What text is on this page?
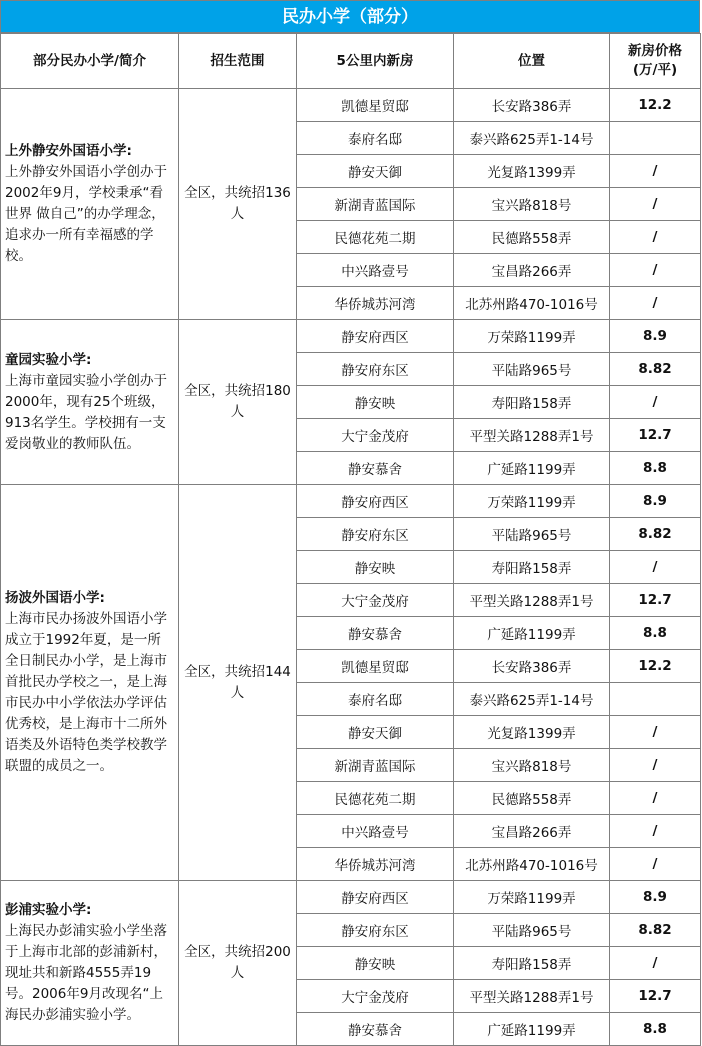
民办小学（部分）
部分民办小学/简介	招生范围	5公里内新房	位置	新房价格
(万/平)

上外静安外国语小学:
上外静安外国语小学创办于2002年9月，学校秉承“看世界 做自己”的办学理念，追求办一所有幸福感的学校。	全区，共统招136人	凯德星贸邸	长安路386弄	12.2
		泰府名邸	泰兴路625弄1-14号	
		静安天御	光复路1399弄	/
		新湖青蓝国际	宝兴路818号	/
		民德花苑二期	民德路558弄	/
		中兴路壹号	宝昌路266弄	/
		华侨城苏河湾	北苏州路470-1016号	/

童园实验小学:
上海市童园实验小学创办于2000年，现有25个班级，913名学生。学校拥有一支爱岗敬业的教师队伍。	全区，共统招180人	静安府西区	万荣路1199弄	8.9
		静安府东区	平陆路965号	8.82
		静安映	寿阳路158弄	/
		大宁金茂府	平型关路1288弄1号	12.7
		静安慕舍	广延路1199弄	8.8

扬波外国语小学:
上海市民办扬波外国语小学成立于1992年夏，是一所全日制民办小学，是上海市首批民办学校之一，是上海市民办中小学依法办学评估优秀校，是上海市十二所外语类及外语特色类学校教学联盟的成员之一。	全区，共统招144人	静安府西区	万荣路1199弄	8.9
		静安府东区	平陆路965号	8.82
		静安映	寿阳路158弄	/
		大宁金茂府	平型关路1288弄1号	12.7
		静安慕舍	广延路1199弄	8.8
		凯德星贸邸	长安路386弄	12.2
		泰府名邸	泰兴路625弄1-14号	
		静安天御	光复路1399弄	/
		新湖青蓝国际	宝兴路818号	/
		民德花苑二期	民德路558弄	/
		中兴路壹号	宝昌路266弄	/
		华侨城苏河湾	北苏州路470-1016号	/

彭浦实验小学:
上海民办彭浦实验小学坐落于上海市北部的彭浦新村，现址共和新路4555弄19号。2006年9月改现名“上海民办彭浦实验小学。	全区，共统招200人	静安府西区	万荣路1199弄	8.9
		静安府东区	平陆路965号	8.82
		静安映	寿阳路158弄	/
		大宁金茂府	平型关路1288弄1号	12.7
		静安慕舍	广延路1199弄	8.8
